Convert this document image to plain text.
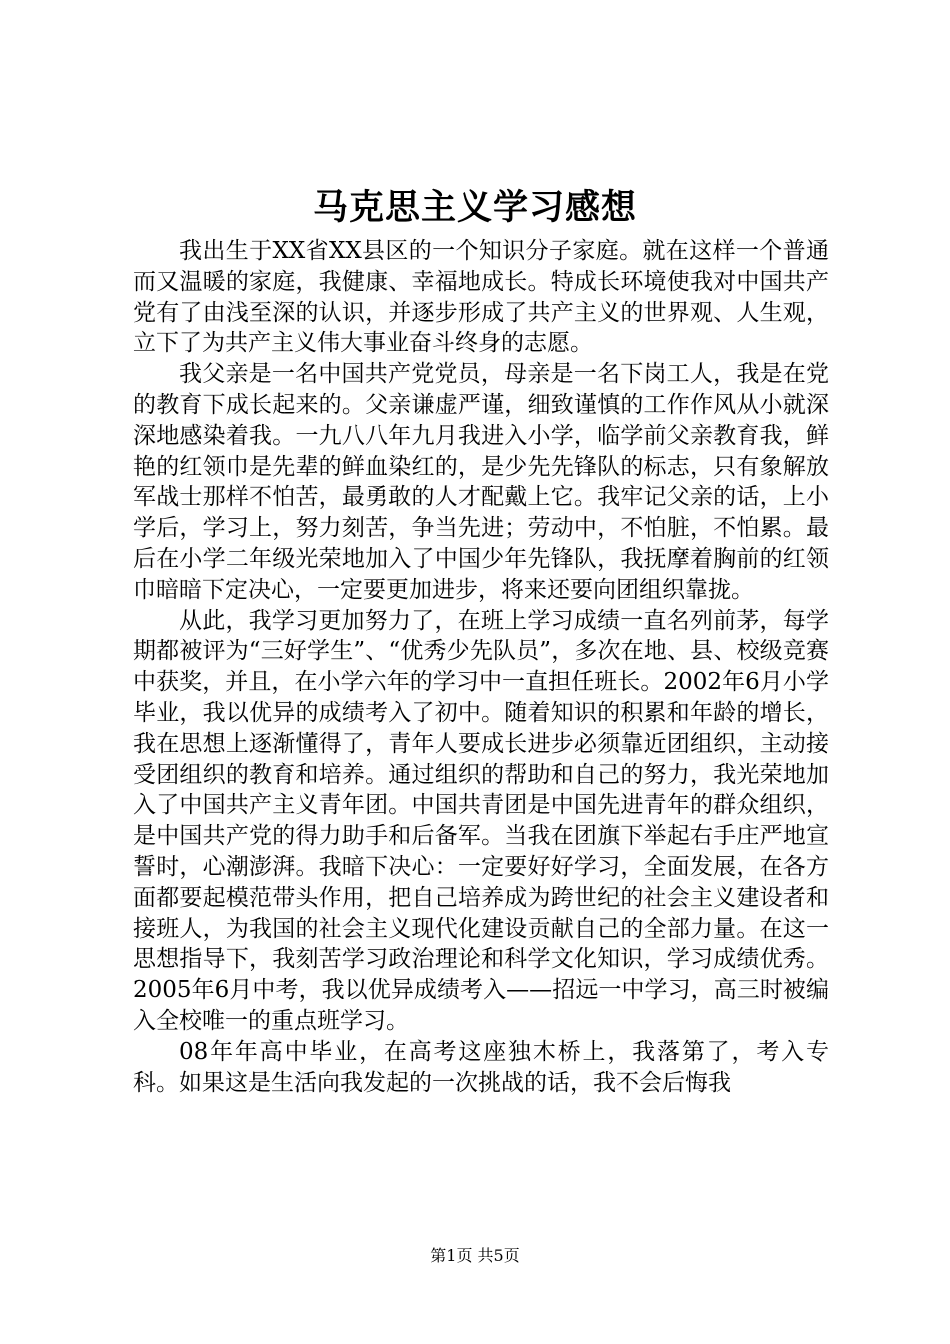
马克思主义学习感想

我出生于XX省XX县区的一个知识分子家庭。就在这样一个普通而又温暖的家庭，我健康、幸福地成长。特成长环境使我对中国共产党有了由浅至深的认识，并逐步形成了共产主义的世界观、人生观，立下了为共产主义伟大事业奋斗终身的志愿。

我父亲是一名中国共产党党员，母亲是一名下岗工人，我是在党的教育下成长起来的。父亲谦虚严谨，细致谨慎的工作作风从小就深深地感染着我。一九八八年九月我进入小学，临学前父亲教育我，鲜艳的红领巾是先辈的鲜血染红的，是少先先锋队的标志，只有象解放军战士那样不怕苦，最勇敢的人才配戴上它。我牢记父亲的话，上小学后，学习上，努力刻苦，争当先进；劳动中，不怕脏，不怕累。最后在小学二年级光荣地加入了中国少年先锋队，我抚摩着胸前的红领巾暗暗下定决心，一定要更加进步，将来还要向团组织靠拢。

从此，我学习更加努力了，在班上学习成绩一直名列前茅，每学期都被评为“三好学生”、“优秀少先队员”，多次在地、县、校级竞赛中获奖，并且，在小学六年的学习中一直担任班长。2002年6月小学毕业，我以优异的成绩考入了初中。随着知识的积累和年龄的增长，我在思想上逐渐懂得了，青年人要成长进步必须靠近团组织，主动接受团组织的教育和培养。通过组织的帮助和自己的努力，我光荣地加入了中国共产主义青年团。中国共青团是中国先进青年的群众组织，是中国共产党的得力助手和后备军。当我在团旗下举起右手庄严地宣誓时，心潮澎湃。我暗下决心：一定要好好学习，全面发展，在各方面都要起模范带头作用，把自己培养成为跨世纪的社会主义建设者和接班人，为我国的社会主义现代化建设贡献自己的全部力量。在这一思想指导下，我刻苦学习政治理论和科学文化知识，学习成绩优秀。2005年6月中考，我以优异成绩考入——招远一中学习，高三时被编入全校唯一的重点班学习。

08年年高中毕业，在高考这座独木桥上，我落第了，考入专科。如果这是生活向我发起的一次挑战的话，我不会后悔我

第1页 共5页
